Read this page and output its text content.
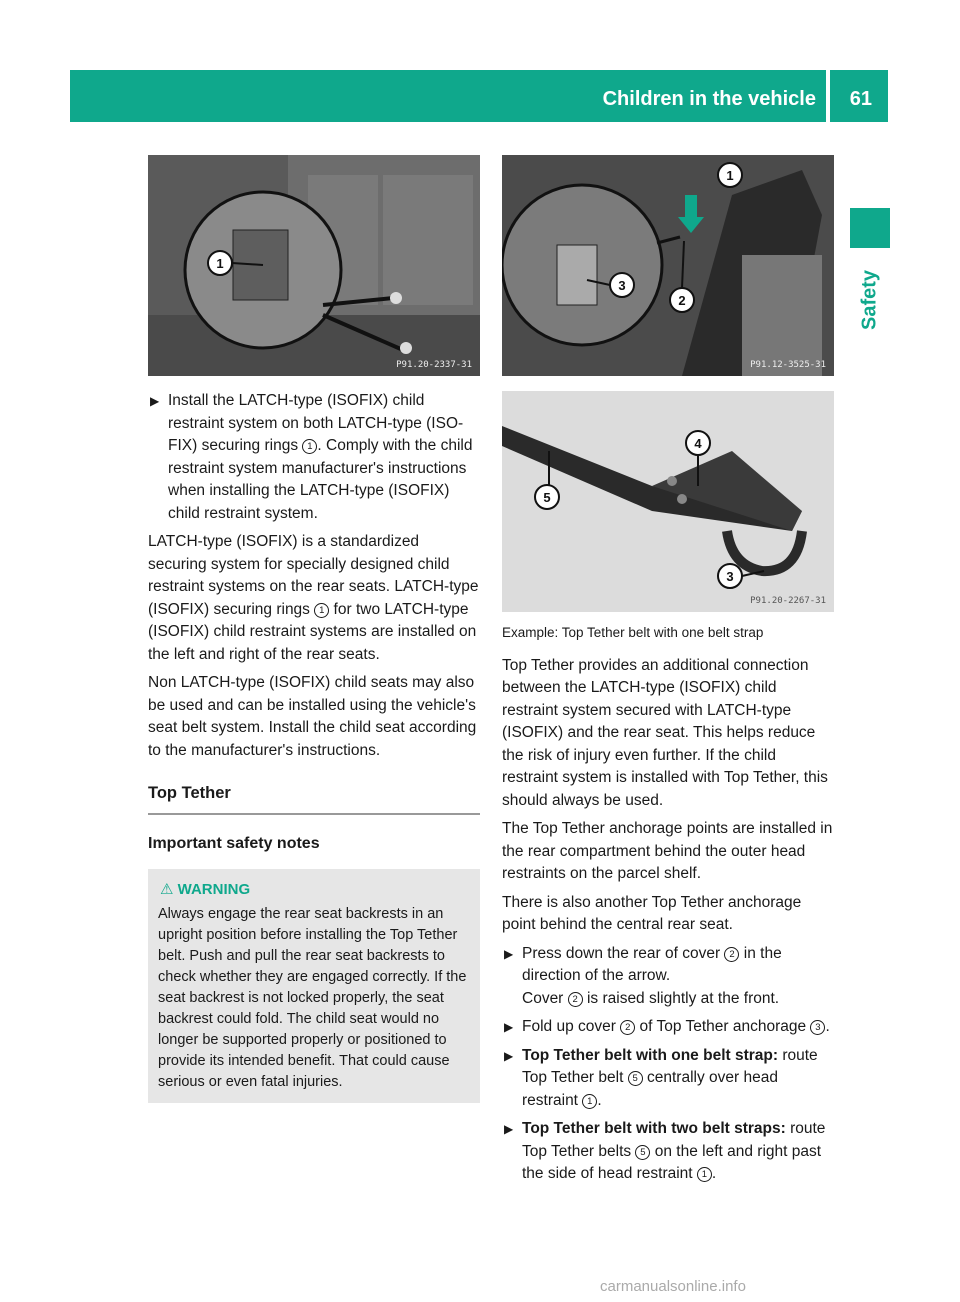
Children in the vehicle 61
Safety
1
P91.20-2337-31
1
2
3
P91.12-3525-31
4
5
3
P91.20-2267-31
▶ Install the LATCH-type (ISOFIX) child restraint system on both LATCH-type (ISO-FIX) securing rings 1 . Comply with the child restraint system manufacturer's instructions when installing the LATCH-type (ISOFIX) child restraint system.

LATCH-type (ISOFIX) is a standardized securing system for specially designed child restraint systems on the rear seats. LATCH-type (ISOFIX) securing rings 1 for two LATCH-type (ISOFIX) child restraint systems are installed on the left and right of the rear seats.

Non LATCH-type (ISOFIX) child seats may also be used and can be installed using the vehicle's seat belt system. Install the child seat according to the manufacturer's instructions.

Top Tether
Important safety notes
⚠ WARNING
Always engage the rear seat backrests in an upright position before installing the Top Tether belt. Push and pull the rear seat backrests to check whether they are engaged correctly. If the seat backrest is not locked properly, the seat backrest could fold. The child seat would no longer be supported properly or positioned to provide its intended benefit. That could cause serious or even fatal injuries.
Example: Top Tether belt with one belt strap

Top Tether provides an additional connection between the LATCH-type (ISOFIX) child restraint system secured with LATCH-type (ISOFIX) and the rear seat. This helps reduce the risk of injury even further. If the child restraint system is installed with Top Tether, this should always be used.

The Top Tether anchorage points are installed in the rear compartment behind the outer head restraints on the parcel shelf.

There is also another Top Tether anchorage point behind the central rear seat.

▶ Press down the rear of cover 2 in the direction of the arrow.
Cover 2 is raised slightly at the front.
▶ Fold up cover 2 of Top Tether anchorage 3 .
▶ Top Tether belt with one belt strap: route Top Tether belt 5 centrally over head restraint 1 .
▶ Top Tether belt with two belt straps: route Top Tether belts 5 on the left and right past the side of head restraint 1 .
carmanualsonline.info
